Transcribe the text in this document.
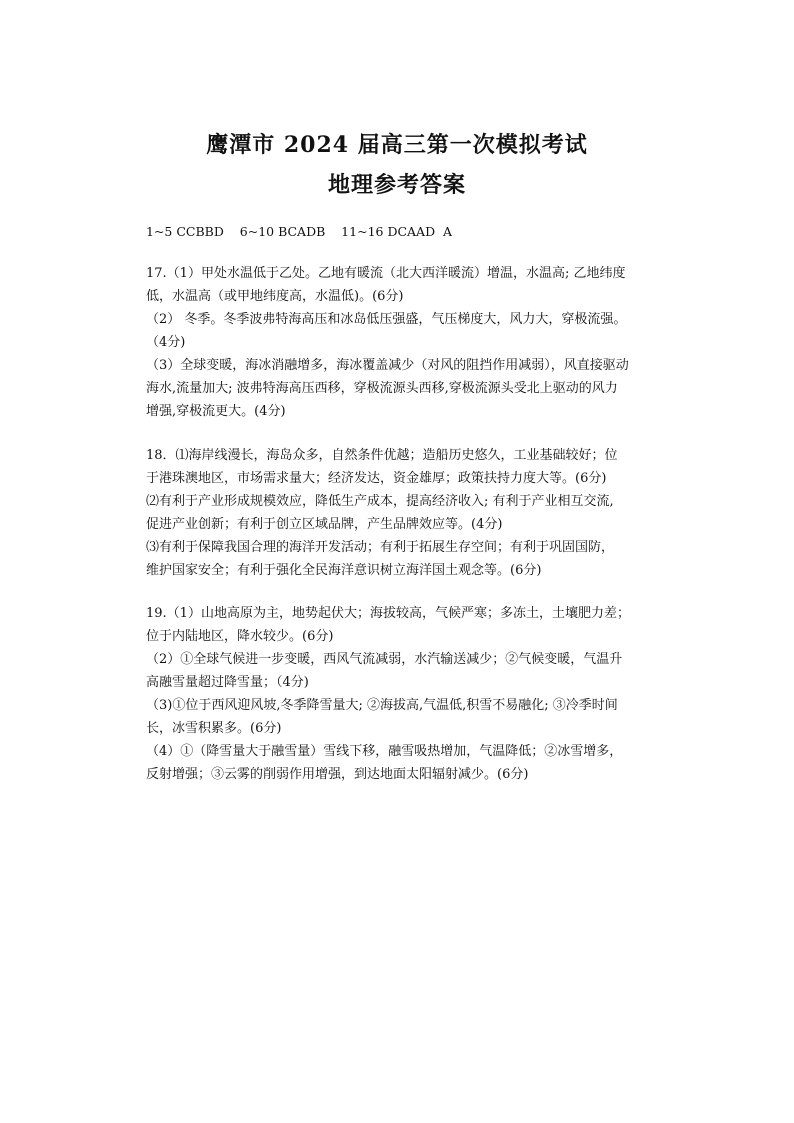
鹰潭市 2024 届高三第一次模拟考试
地理参考答案
1~5 CCBBD    6~10 BCADB    11~16 DCAAD  A
17.（1）甲处水温低于乙处。乙地有暖流（北大西洋暖流）增温，水温高; 乙地纬度
低，水温高（或甲地纬度高，水温低)。(6分)
（2） 冬季。冬季波弗特海高压和冰岛低压强盛，气压梯度大，风力大，穿极流强。
（4分)
（3）全球变暖，海冰消融增多，海冰覆盖减少（对风的阻挡作用减弱），风直接驱动
海水,流量加大; 波弗特海高压西移，穿极流源头西移,穿极流源头受北上驱动的风力
增强,穿极流更大。(4分)
18．⑴海岸线漫长，海岛众多，自然条件优越；造船历史悠久，工业基础较好；位
于港珠澳地区，市场需求量大；经济发达，资金雄厚；政策扶持力度大等。(6分)
⑵有利于产业形成规模效应，降低生产成本，提高经济收入; 有利于产业相互交流,
促进产业创新；有利于创立区域品牌，产生品牌效应等。(4分)
⑶有利于保障我国合理的海洋开发活动；有利于拓展生存空间；有利于巩固国防，
维护国家安全；有利于强化全民海洋意识树立海洋国土观念等。(6分)
19.（1）山地高原为主，地势起伏大；海拔较高，气候严寒；多冻土，土壤肥力差；
位于内陆地区，降水较少。(6分)
（2）①全球气候进一步变暖，西风气流减弱，水汽输送减少；②气候变暖，气温升
高融雪量超过降雪量；（4分)
（3)①位于西风迎风坡,冬季降雪量大; ②海拔高,气温低,积雪不易融化; ③冷季时间
长，冰雪积累多。(6分)
（4）①（降雪量大于融雪量）雪线下移，融雪吸热增加，气温降低；②冰雪增多，
反射增强；③云雾的削弱作用增强，到达地面太阳辐射减少。(6分)
